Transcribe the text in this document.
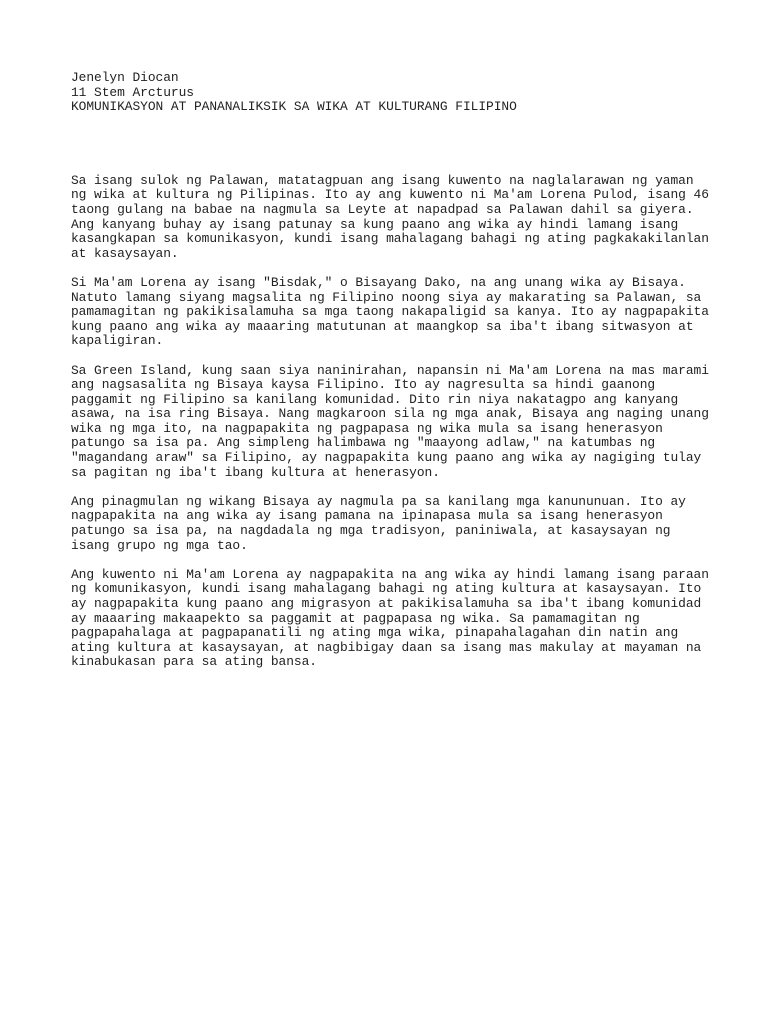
Jenelyn Diocan

11 Stem Arcturus

KOMUNIKASYON AT PANANALIKSIK SA WIKA AT KULTURANG FILIPINO

Sa isang sulok ng Palawan, matatagpuan ang isang kuwento na naglalarawan ng yaman
ng wika at kultura ng Pilipinas. Ito ay ang kuwento ni Ma'am Lorena Pulod, isang 46
taong gulang na babae na nagmula sa Leyte at napadpad sa Palawan dahil sa giyera.
Ang kanyang buhay ay isang patunay sa kung paano ang wika ay hindi lamang isang
kasangkapan sa komunikasyon, kundi isang mahalagang bahagi ng ating pagkakakilanlan
at kasaysayan.

Si Ma'am Lorena ay isang "Bisdak," o Bisayang Dako, na ang unang wika ay Bisaya.
Natuto lamang siyang magsalita ng Filipino noong siya ay makarating sa Palawan, sa
pamamagitan ng pakikisalamuha sa mga taong nakapaligid sa kanya. Ito ay nagpapakita
kung paano ang wika ay maaaring matutunan at maangkop sa iba't ibang sitwasyon at
kapaligiran.

Sa Green Island, kung saan siya naninirahan, napansin ni Ma'am Lorena na mas marami
ang nagsasalita ng Bisaya kaysa Filipino. Ito ay nagresulta sa hindi gaanong
paggamit ng Filipino sa kanilang komunidad. Dito rin niya nakatagpo ang kanyang
asawa, na isa ring Bisaya. Nang magkaroon sila ng mga anak, Bisaya ang naging unang
wika ng mga ito, na nagpapakita ng pagpapasa ng wika mula sa isang henerasyon
patungo sa isa pa. Ang simpleng halimbawa ng "maayong adlaw," na katumbas ng
"magandang araw" sa Filipino, ay nagpapakita kung paano ang wika ay nagiging tulay
sa pagitan ng iba't ibang kultura at henerasyon.

Ang pinagmulan ng wikang Bisaya ay nagmula pa sa kanilang mga kanununuan. Ito ay
nagpapakita na ang wika ay isang pamana na ipinapasa mula sa isang henerasyon
patungo sa isa pa, na nagdadala ng mga tradisyon, paniniwala, at kasaysayan ng
isang grupo ng mga tao.

Ang kuwento ni Ma'am Lorena ay nagpapakita na ang wika ay hindi lamang isang paraan
ng komunikasyon, kundi isang mahalagang bahagi ng ating kultura at kasaysayan. Ito
ay nagpapakita kung paano ang migrasyon at pakikisalamuha sa iba't ibang komunidad
ay maaaring makaapekto sa paggamit at pagpapasa ng wika. Sa pamamagitan ng
pagpapahalaga at pagpapanatili ng ating mga wika, pinapahalagahan din natin ang
ating kultura at kasaysayan, at nagbibigay daan sa isang mas makulay at mayaman na
kinabukasan para sa ating bansa.
